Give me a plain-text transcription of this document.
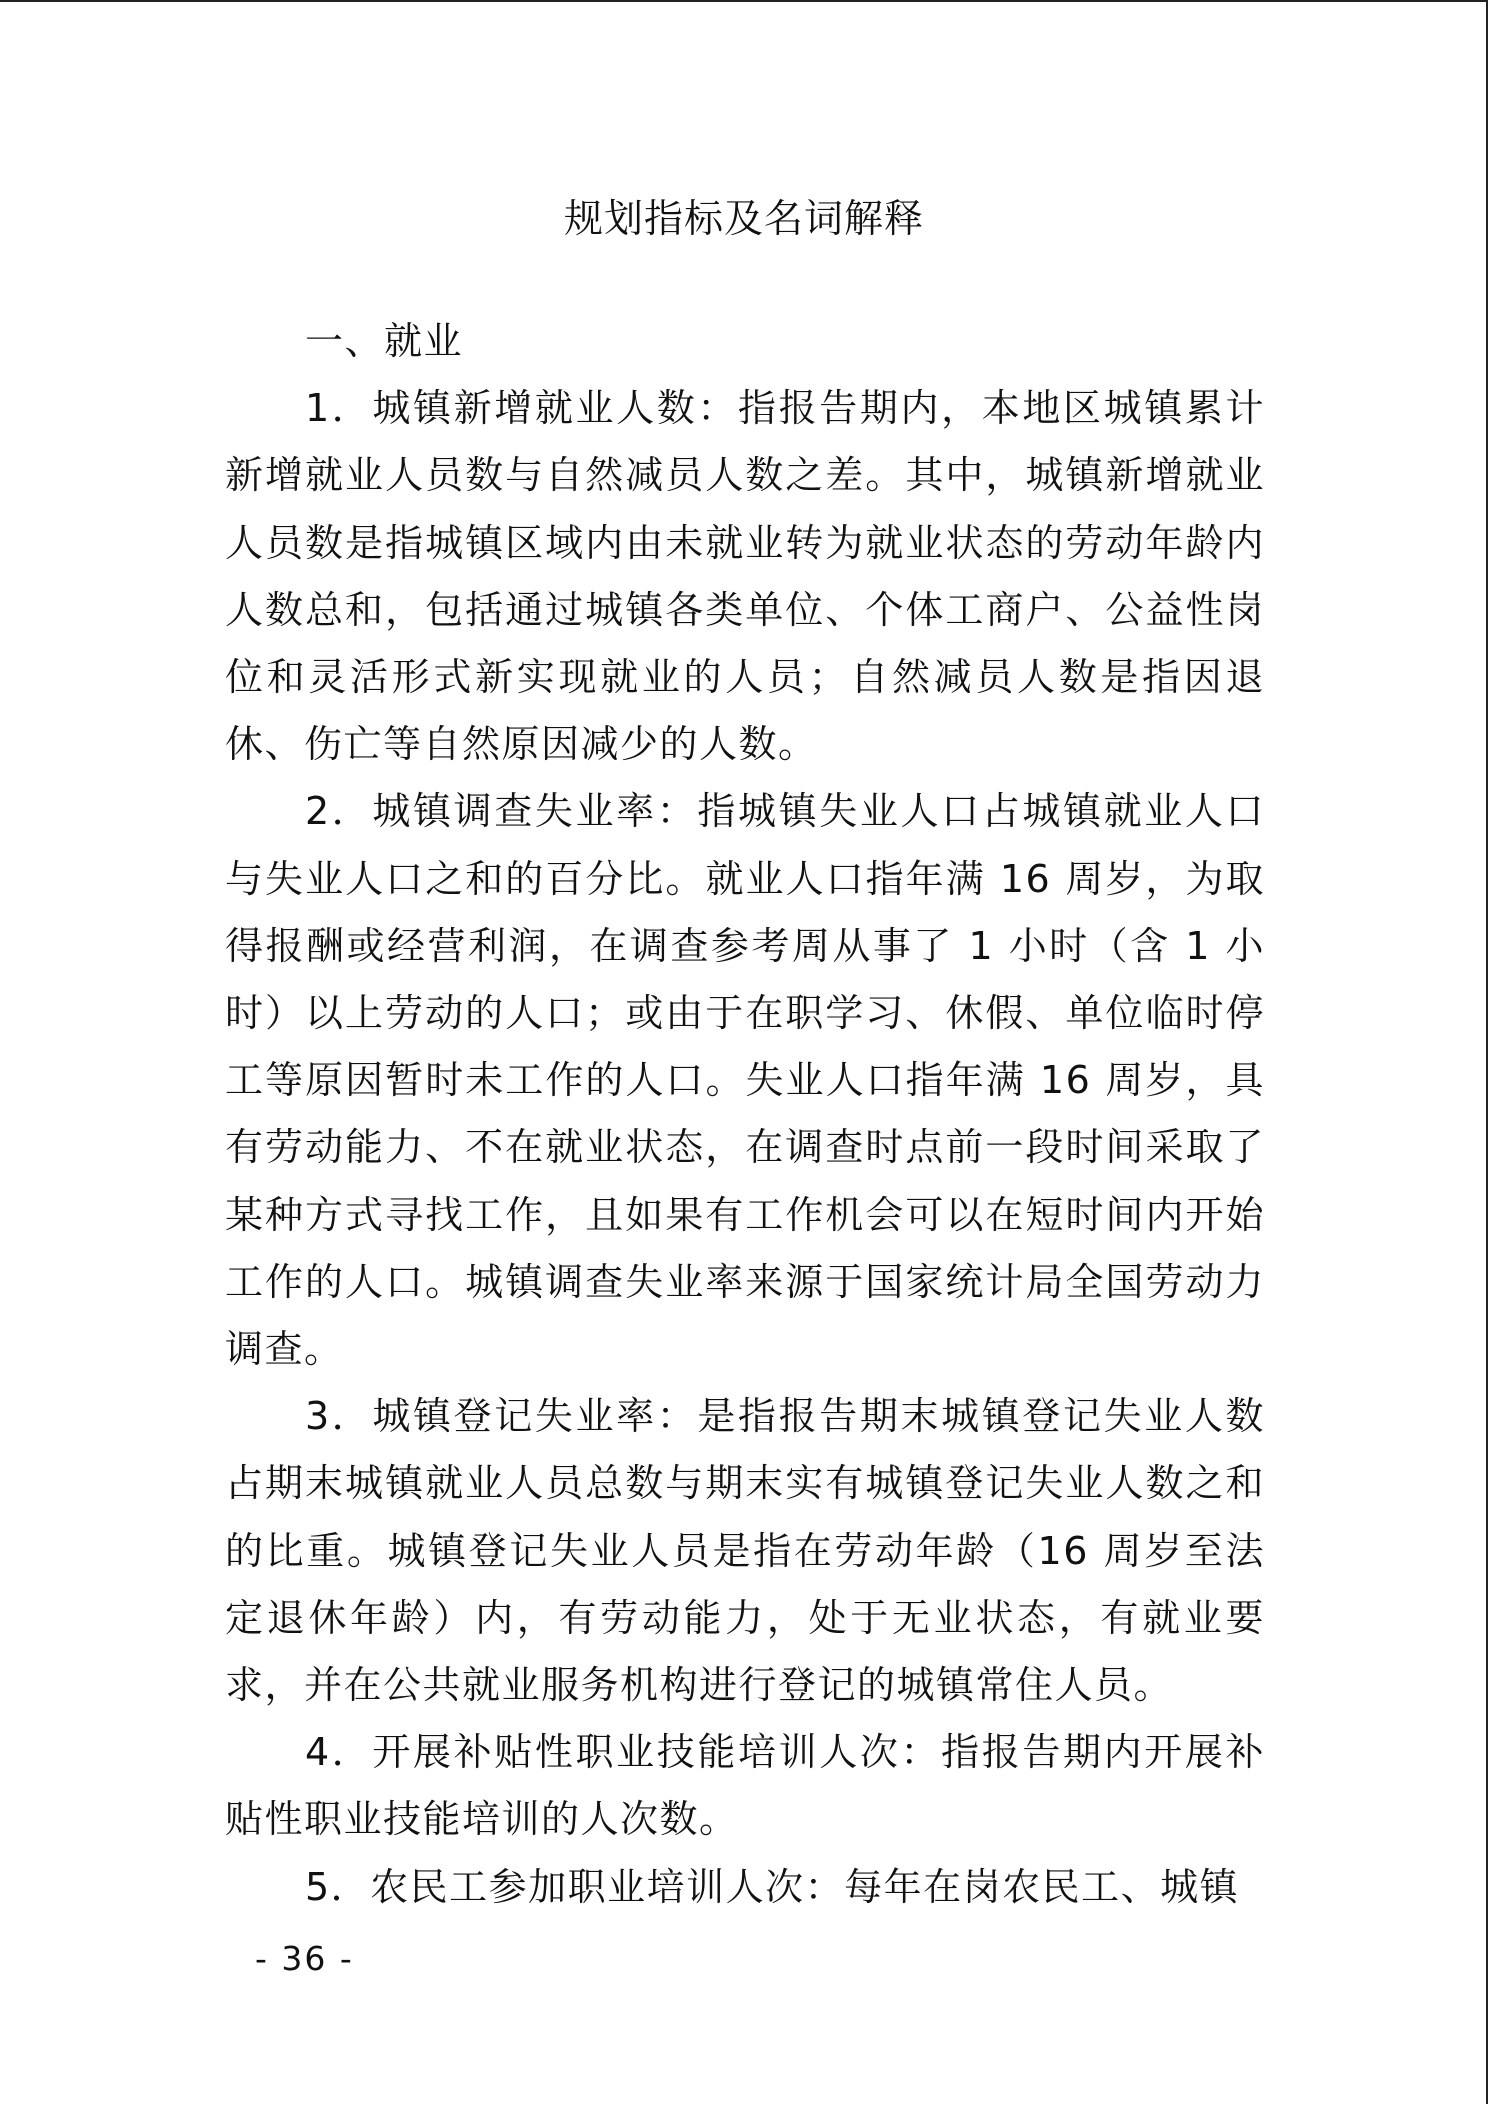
规划指标及名词解释

一、就业

1．城镇新增就业人数：指报告期内，本地区城镇累计新增就业人员数与自然减员人数之差。其中，城镇新增就业人员数是指城镇区域内由未就业转为就业状态的劳动年龄内人数总和，包括通过城镇各类单位、个体工商户、公益性岗位和灵活形式新实现就业的人员；自然减员人数是指因退休、伤亡等自然原因减少的人数。

2．城镇调查失业率：指城镇失业人口占城镇就业人口与失业人口之和的百分比。就业人口指年满 16 周岁，为取得报酬或经营利润，在调查参考周从事了 1 小时（含 1 小时）以上劳动的人口；或由于在职学习、休假、单位临时停工等原因暂时未工作的人口。失业人口指年满 16 周岁，具有劳动能力、不在就业状态，在调查时点前一段时间采取了某种方式寻找工作，且如果有工作机会可以在短时间内开始工作的人口。城镇调查失业率来源于国家统计局全国劳动力调查。

3．城镇登记失业率：是指报告期末城镇登记失业人数占期末城镇就业人员总数与期末实有城镇登记失业人数之和的比重。城镇登记失业人员是指在劳动年龄（16 周岁至法定退休年龄）内，有劳动能力，处于无业状态，有就业要求，并在公共就业服务机构进行登记的城镇常住人员。

4．开展补贴性职业技能培训人次：指报告期内开展补贴性职业技能培训的人次数。

5．农民工参加职业培训人次：每年在岗农民工、城镇

- 36 -
